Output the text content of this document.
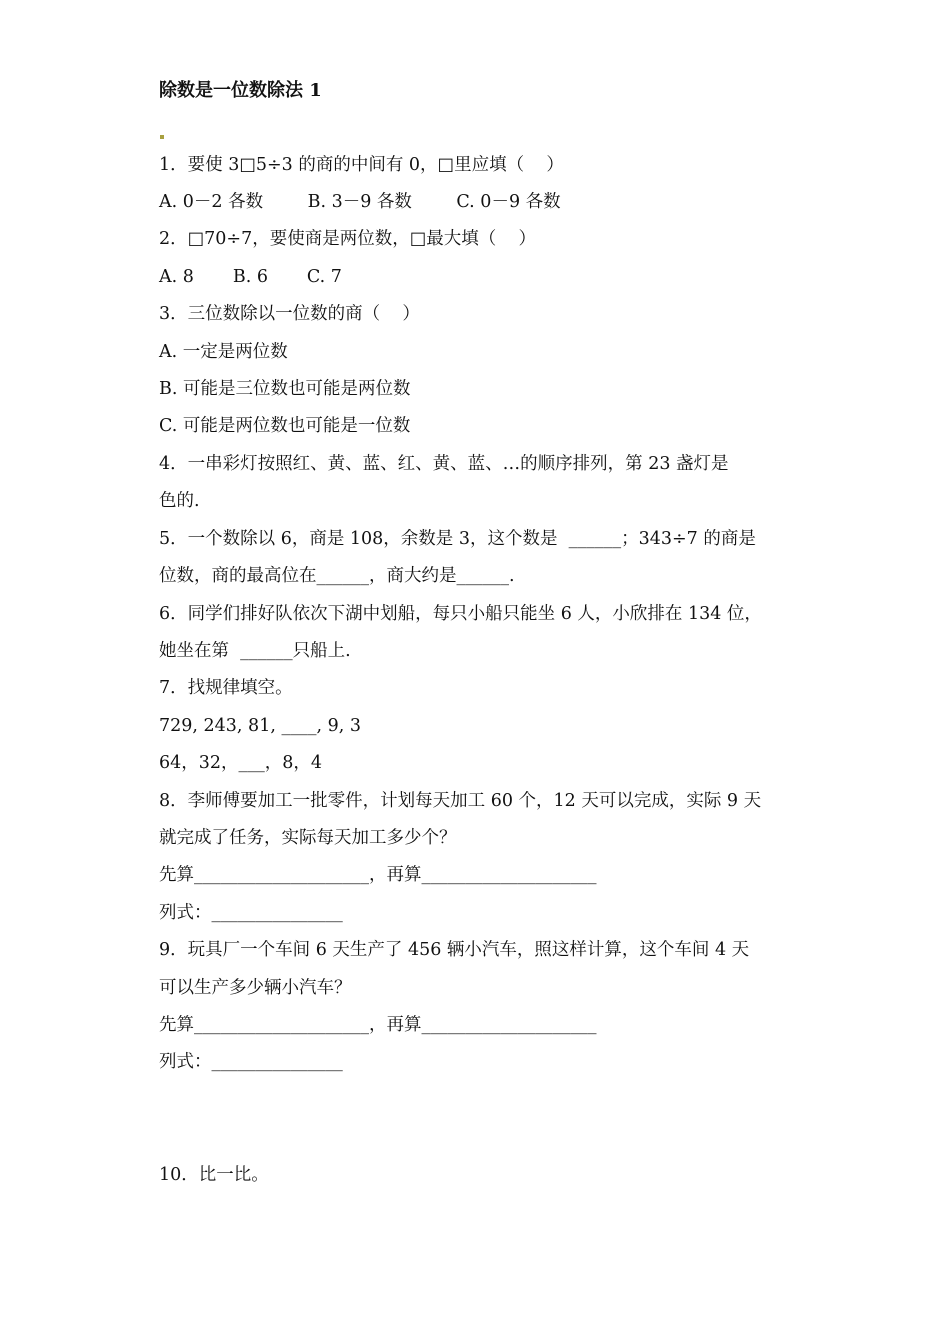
除数是一位数除法 1
1．要使 3□5÷3 的商的中间有 0，□里应填（    ）
A. 0－2 各数        B. 3－9 各数        C. 0－9 各数
2．□70÷7，要使商是两位数，□最大填（    ）
A. 8       B. 6       C. 7
3．三位数除以一位数的商（    ）
A. 一定是两位数
B. 可能是三位数也可能是两位数
C. 可能是两位数也可能是一位数
4．一串彩灯按照红、黄、蓝、红、黄、蓝、…的顺序排列，第 23 盏灯是
色的.
5．一个数除以 6，商是 108，余数是 3，这个数是  ______；343÷7 的商是
位数，商的最高位在______，商大约是______.
6．同学们排好队依次下湖中划船，每只小船只能坐 6 人，小欣排在 134 位，
她坐在第  ______只船上.
7．找规律填空。
729, 243, 81, ____, 9, 3
64，32，___，8，4
8．李师傅要加工一批零件，计划每天加工 60 个，12 天可以完成，实际 9 天
就完成了任务，实际每天加工多少个？
先算____________________，再算____________________
列式：_______________
9．玩具厂一个车间 6 天生产了 456 辆小汽车，照这样计算，这个车间 4 天
可以生产多少辆小汽车？
先算____________________，再算____________________
列式：_______________
10．比一比。
